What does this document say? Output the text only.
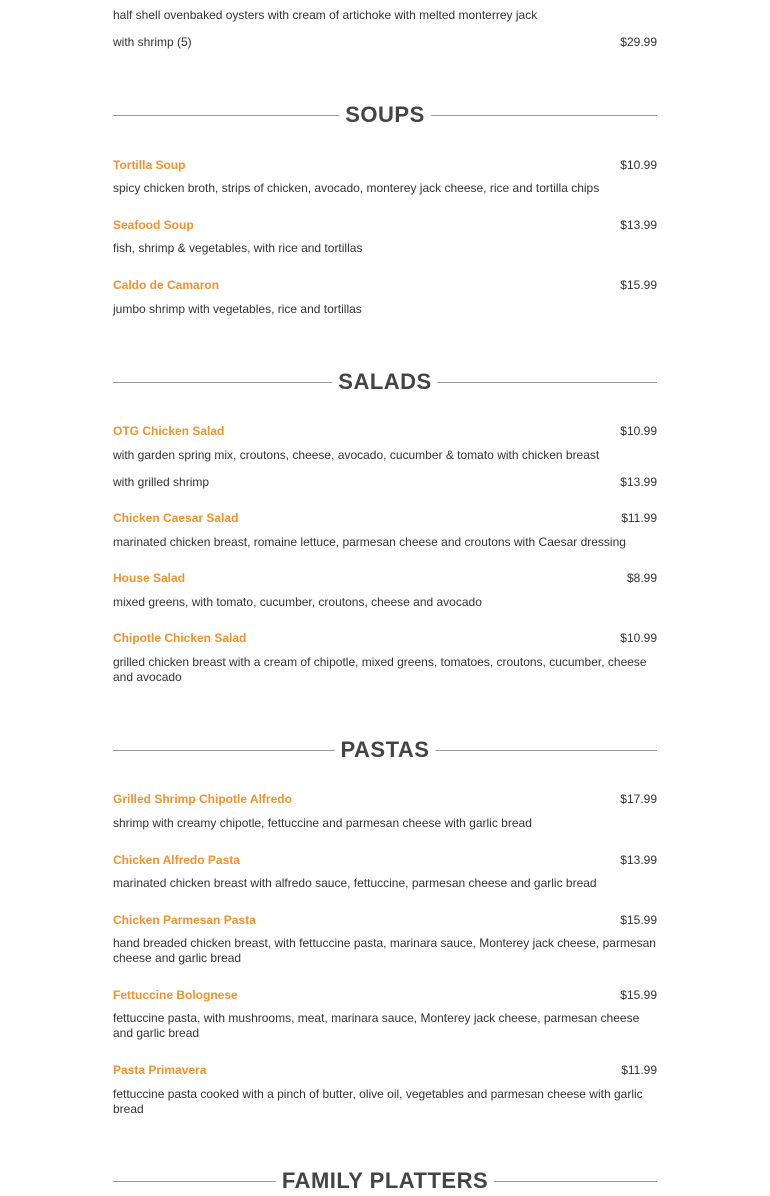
half shell ovenbaked oysters with cream of artichoke with melted monterrey jack
with shrimp (5)	$29.99
SOUPS
Tortilla Soup	$10.99
spicy chicken broth, strips of chicken, avocado, monterey jack cheese, rice and tortilla chips
Seafood Soup	$13.99
fish, shrimp & vegetables, with rice and tortillas
Caldo de Camaron	$15.99
jumbo shrimp with vegetables, rice and tortillas
SALADS
OTG Chicken Salad	$10.99
with garden spring mix, croutons, cheese, avocado, cucumber & tomato with chicken breast
with grilled shrimp	$13.99
Chicken Caesar Salad	$11.99
marinated chicken breast, romaine lettuce, parmesan cheese and croutons with Caesar dressing
House Salad	$8.99
mixed greens, with tomato, cucumber, croutons, cheese and avocado
Chipotle Chicken Salad	$10.99
grilled chicken breast with a cream of chipotle, mixed greens, tomatoes, croutons, cucumber, cheese and avocado
PASTAS
Grilled Shrimp Chipotle Alfredo	$17.99
shrimp with creamy chipotle, fettuccine and parmesan cheese with garlic bread
Chicken Alfredo Pasta	$13.99
marinated chicken breast with alfredo sauce, fettuccine, parmesan cheese and garlic bread
Chicken Parmesan Pasta	$15.99
hand breaded chicken breast, with fettuccine pasta, marinara sauce, Monterey jack cheese, parmesan cheese and garlic bread
Fettuccine Bolognese	$15.99
fettuccine pasta, with mushrooms, meat, marinara sauce, Monterey jack cheese, parmesan cheese and garlic bread
Pasta Primavera	$11.99
fettuccine pasta cooked with a pinch of butter, olive oil, vegetables and parmesan cheese with garlic bread
FAMILY PLATTERS
